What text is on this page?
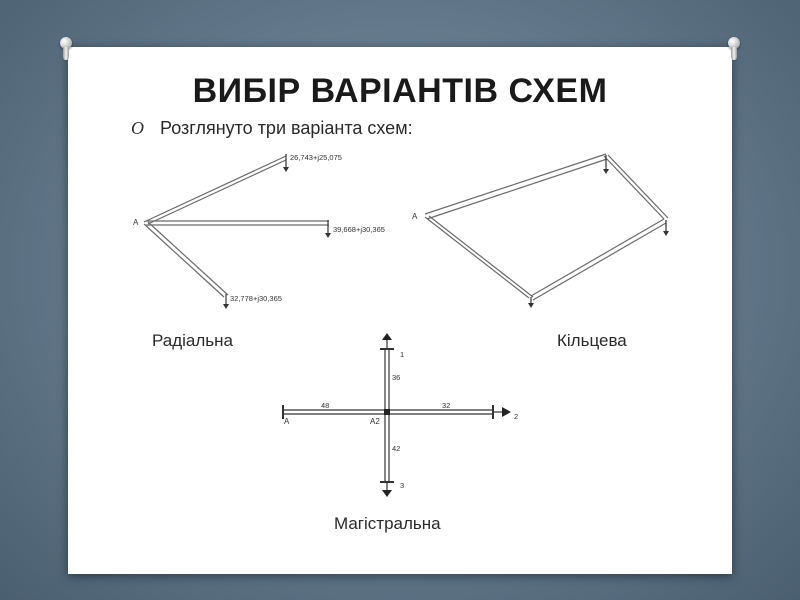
ВИБІР ВАРІАНТІВ СХЕМ
O Розглянуто три варіанта схем:
A
26,743+j25,075
39,668+j30,365
32,778+j30,365
A
Радіальна	Кільцева
A	A2
1
2
3
48	32
36
42
Магістральна
